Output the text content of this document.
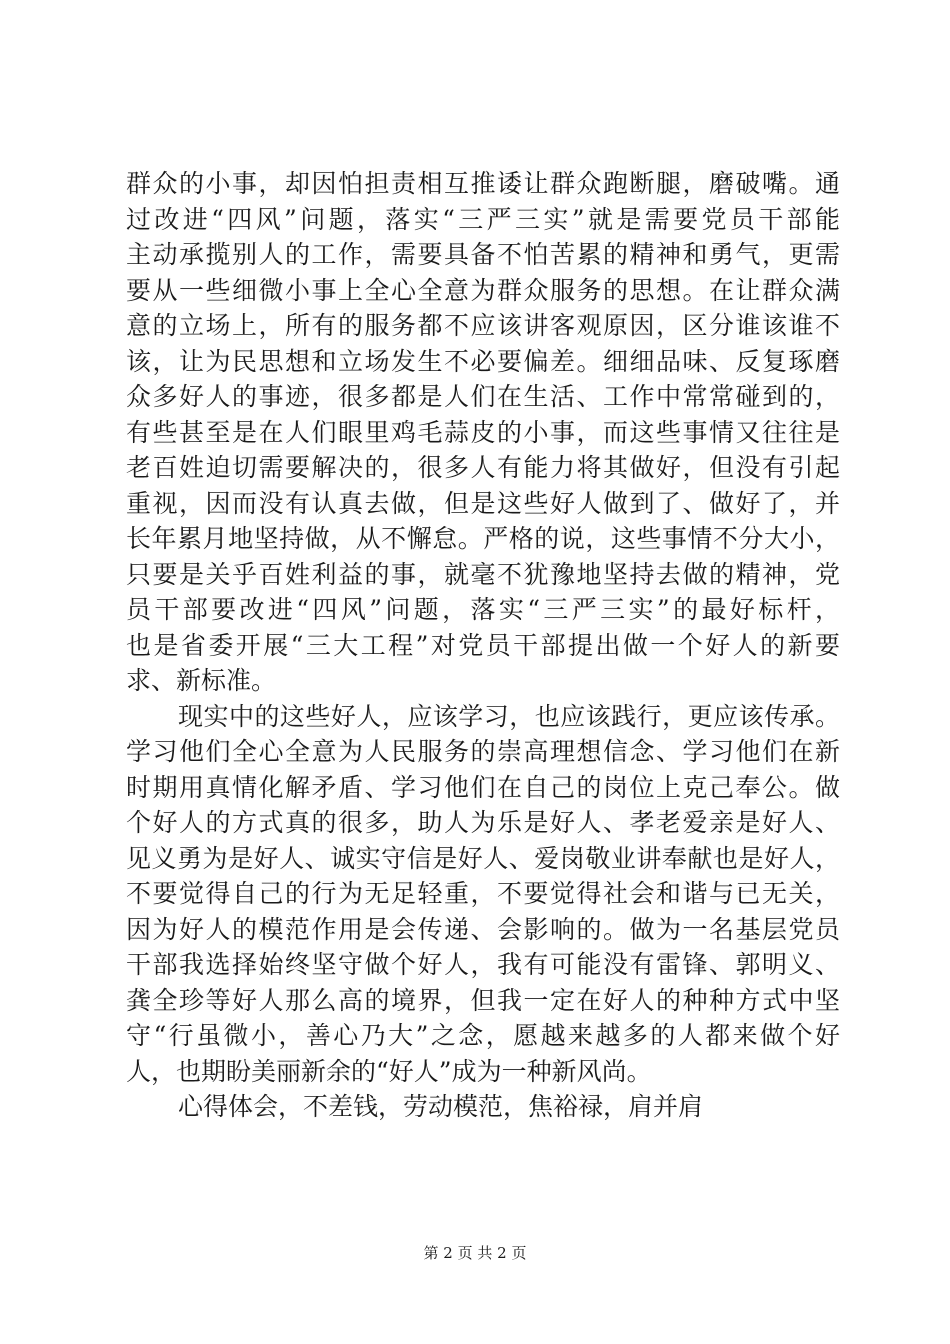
群众的小事，却因怕担责相互推诿让群众跑断腿，磨破嘴。通
过改进“四风”问题，落实“三严三实”就是需要党员干部能
主动承揽别人的工作，需要具备不怕苦累的精神和勇气，更需
要从一些细微小事上全心全意为群众服务的思想。在让群众满
意的立场上，所有的服务都不应该讲客观原因，区分谁该谁不
该，让为民思想和立场发生不必要偏差。细细品味、反复琢磨
众多好人的事迹，很多都是人们在生活、工作中常常碰到的，
有些甚至是在人们眼里鸡毛蒜皮的小事，而这些事情又往往是
老百姓迫切需要解决的，很多人有能力将其做好，但没有引起
重视，因而没有认真去做，但是这些好人做到了、做好了，并
长年累月地坚持做，从不懈怠。严格的说，这些事情不分大小，
只要是关乎百姓利益的事，就毫不犹豫地坚持去做的精神，党
员干部要改进“四风”问题，落实“三严三实”的最好标杆，
也是省委开展“三大工程”对党员干部提出做一个好人的新要
求、新标准。
现实中的这些好人，应该学习，也应该践行，更应该传承。
学习他们全心全意为人民服务的崇高理想信念、学习他们在新
时期用真情化解矛盾、学习他们在自己的岗位上克己奉公。做
个好人的方式真的很多，助人为乐是好人、孝老爱亲是好人、
见义勇为是好人、诚实守信是好人、爱岗敬业讲奉献也是好人，
不要觉得自己的行为无足轻重，不要觉得社会和谐与已无关，
因为好人的模范作用是会传递、会影响的。做为一名基层党员
干部我选择始终坚守做个好人，我有可能没有雷锋、郭明义、
龚全珍等好人那么高的境界，但我一定在好人的种种方式中坚
守“行虽微小，善心乃大”之念，愿越来越多的人都来做个好
人，也期盼美丽新余的“好人”成为一种新风尚。
心得体会，不差钱，劳动模范，焦裕禄，肩并肩
第 2 页 共 2 页
